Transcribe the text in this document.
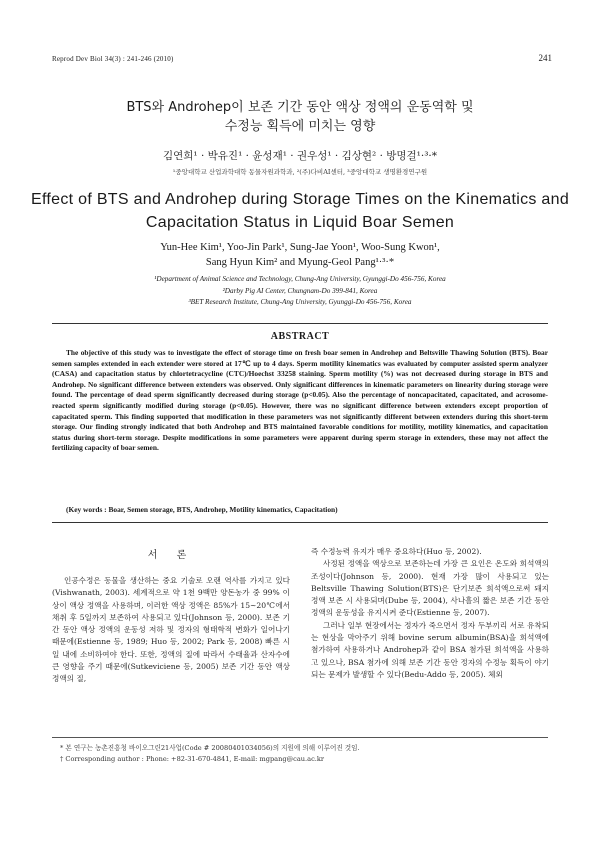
Reprod Dev Biol 34(3) : 241-246 (2010)	241
BTS와 Androhep이 보존 기간 동안 액상 정액의 운동역학 및
수정능 획득에 미치는 영향
김연희¹ · 박유진¹ · 윤성재¹ · 권우성¹ · 김상현² · 방명걸¹·³·*
¹중앙대학교 산업과학대학 동물자원과학과, ²(주)다비AI센터, ³중앙대학교 생명환경연구원
Effect of BTS and Androhep during Storage Times on the Kinematics and
Capacitation Status in Liquid Boar Semen
Yun-Hee Kim¹, Yoo-Jin Park¹, Sung-Jae Yoon¹, Woo-Sung Kwon¹,
Sang Hyun Kim² and Myung-Geol Pang¹·³·*
¹Department of Animal Science and Technology, Chung-Ang University, Gyunggi-Do 456-756, Korea
²Darby Pig AI Center, Chungnam-Do 399-841, Korea
³BET Research Institute, Chung-Ang University, Gyunggi-Do 456-756, Korea
ABSTRACT
The objective of this study was to investigate the effect of storage time on fresh boar semen in Androhep and Beltsville Thawing Solution (BTS). Boar semen samples extended in each extender were stored at 17℃ up to 4 days. Sperm motility kinematics was evaluated by computer assisted sperm analyzer (CASA) and capacitation status by chlortetracycline (CTC)/Hoechst 33258 staining. Sperm motility (%) was not decreased during storage in BTS and Androhep. No significant difference between extenders was observed. Only significant differences in kinematic parameters on linearity during storage were found. The percentage of dead sperm significantly decreased during storage (p<0.05). Also the percentage of noncapacitated, capacitated, and acrosome-reacted sperm significantly modified during storage (p<0.05). However, there was no significant difference between extenders except proportion of capacitated sperm. This finding supported that modification in these parameters was not significantly different between extenders during this short-term storage. Our finding strongly indicated that both Androhep and BTS maintained favorable conditions for motility, motility kinematics, and capacitation status during short-term storage. Despite modifications in some parameters were apparent during sperm storage in extenders, these may not affect the fertilizing capacity of boar semen.
(Key words : Boar, Semen storage, BTS, Androhep, Motility kinematics, Capacitation)
서 론

인공수정은 동물을 생산하는 중요 기술로 오랜 역사를 가지고 있다(Vishwanath, 2003). 세계적으로 약 1천 9백만 양돈농가 중 99% 이상이 액상 정액을 사용하며, 이러한 액상 정액은 85%가 15~20℃에서 채취 후 5일까지 보존하여 사용되고 있다(Johnson 등, 2000). 보존 기간 동안 액상 정액의 운동성 저하 및 정자의 형태학적 변화가 일어나기 때문에(Estienne 등, 1989; Huo 등, 2002; Park 등, 2008) 빠른 시일 내에 소비하여야 한다. 또한, 정액의 질에 따라서 수태율과 산자수에 큰 영향을 주기 때문에(Sutkeviciene 등, 2005) 보존 기간 동안 액상 정액의 질,

즉 수정능력 유지가 매우 중요하다(Huo 등, 2002).

사정된 정액을 액상으로 보존하는데 가장 큰 요인은 온도와 희석액의 조성이다(Johnson 등, 2000). 현재 가장 많이 사용되고 있는 Beltsville Thawing Solution(BTS)은 단기보존 희석액으로써 돼지 정액 보존 시 사용되며(Dube 등, 2004), 사나흘의 짧은 보존 기간 동안 정액의 운동성을 유지시켜 준다(Estienne 등, 2007).

그러나 일부 현장에서는 정자가 죽으면서 정자 두부끼리 서로 유착되는 현상을 막아주기 위해 bovine serum albumin(BSA)을 희석액에 첨가하여 사용하거나 Androhep과 같이 BSA 첨가된 희석액을 사용하고 있으나, BSA 첨가에 의해 보존 기간 동안 정자의 수정능 획득이 야기되는 문제가 발생할 수 있다(Bedu-Addo 등, 2005). 체외

* 본 연구는 농촌진흥청 바이오그린21사업(Code # 20080401034056)의 지원에 의해 이루어진 것임.
† Corresponding author : Phone: +82-31-670-4841, E-mail: mgpang@cau.ac.kr
